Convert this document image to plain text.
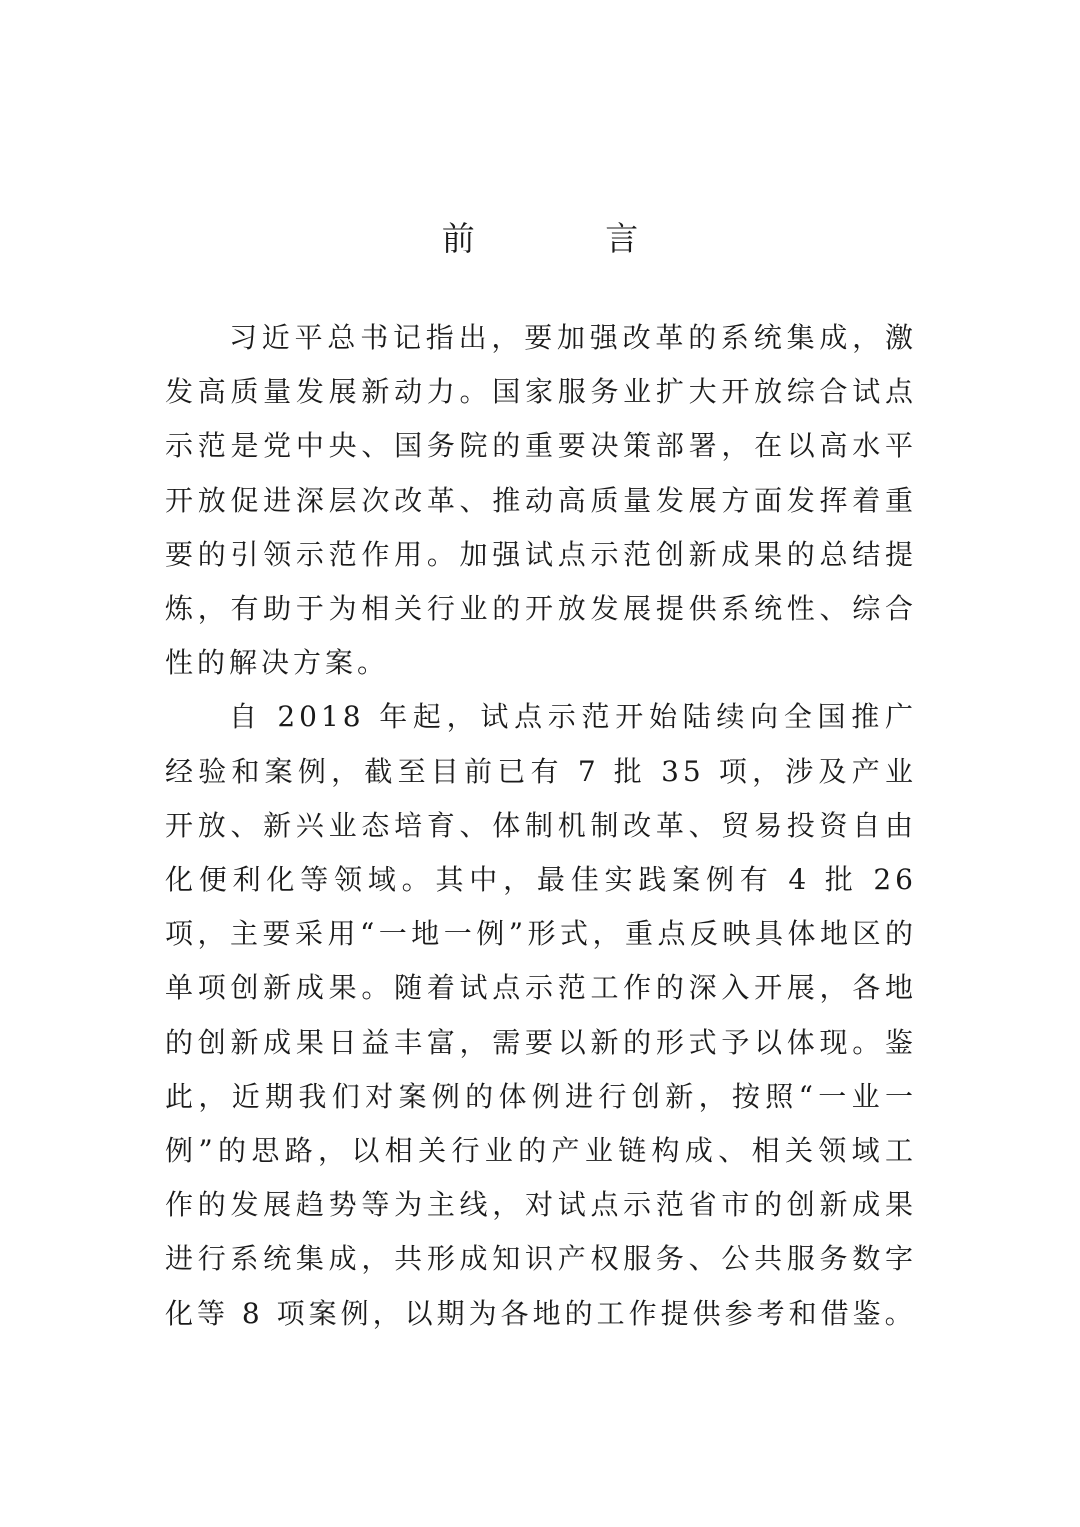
前 言

习近平总书记指出，要加强改革的系统集成，激发高质量发展新动力。国家服务业扩大开放综合试点示范是党中央、国务院的重要决策部署，在以高水平开放促进深层次改革、推动高质量发展方面发挥着重要的引领示范作用。加强试点示范创新成果的总结提炼，有助于为相关行业的开放发展提供系统性、综合性的解决方案。

自 2018 年起，试点示范开始陆续向全国推广经验和案例，截至目前已有 7 批 35 项，涉及产业开放、新兴业态培育、体制机制改革、贸易投资自由化便利化等领域。其中，最佳实践案例有 4 批 26 项，主要采用“一地一例”形式，重点反映具体地区的单项创新成果。随着试点示范工作的深入开展，各地的创新成果日益丰富，需要以新的形式予以体现。鉴此，近期我们对案例的体例进行创新，按照“一业一例”的思路，以相关行业的产业链构成、相关领域工作的发展趋势等为主线，对试点示范省市的创新成果进行系统集成，共形成知识产权服务、公共服务数字化等 8 项案例，以期为各地的工作提供参考和借鉴。
